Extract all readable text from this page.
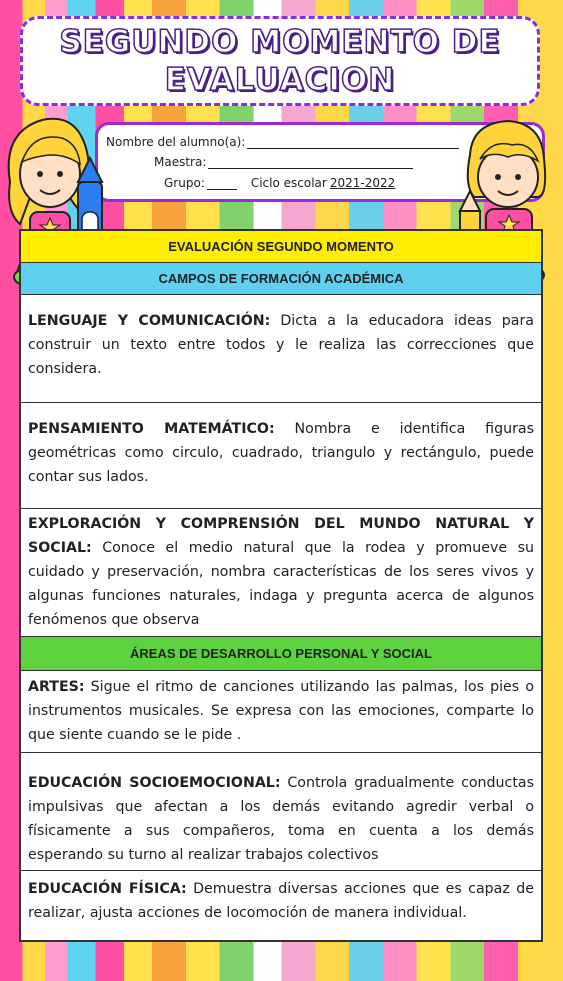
SEGUNDO MOMENTO DE
EVALUACION
Nombre del alumno(a):
Maestra:
Grupo:	Ciclo escolar 2021-2022
EVALUACIÓN SEGUNDO MOMENTO
CAMPOS DE FORMACIÓN ACADÉMICA
LENGUAJE Y COMUNICACIÓN: Dicta a la educadora ideas para construir un texto entre todos y le realiza las correcciones que considera.
PENSAMIENTO MATEMÁTICO: Nombra e identifica figuras geométricas como circulo, cuadrado, triangulo y rectángulo, puede contar sus lados.
EXPLORACIÓN Y COMPRENSIÓN DEL MUNDO NATURAL Y SOCIAL: Conoce el medio natural que la rodea y promueve su cuidado y preservación, nombra características de los seres vivos y algunas funciones naturales, indaga y pregunta acerca de algunos fenómenos que observa
ÁREAS DE DESARROLLO PERSONAL Y SOCIAL
ARTES: Sigue el ritmo de canciones utilizando las palmas, los pies o instrumentos musicales. Se expresa con las emociones, comparte lo que siente cuando se le pide .
EDUCACIÓN SOCIOEMOCIONAL: Controla gradualmente conductas impulsivas que afectan a los demás evitando agredir verbal o físicamente a sus compañeros, toma en cuenta a los demás esperando su turno al realizar trabajos colectivos
EDUCACIÓN FÍSICA: Demuestra diversas acciones que es capaz de realizar, ajusta acciones de locomoción de manera individual.
